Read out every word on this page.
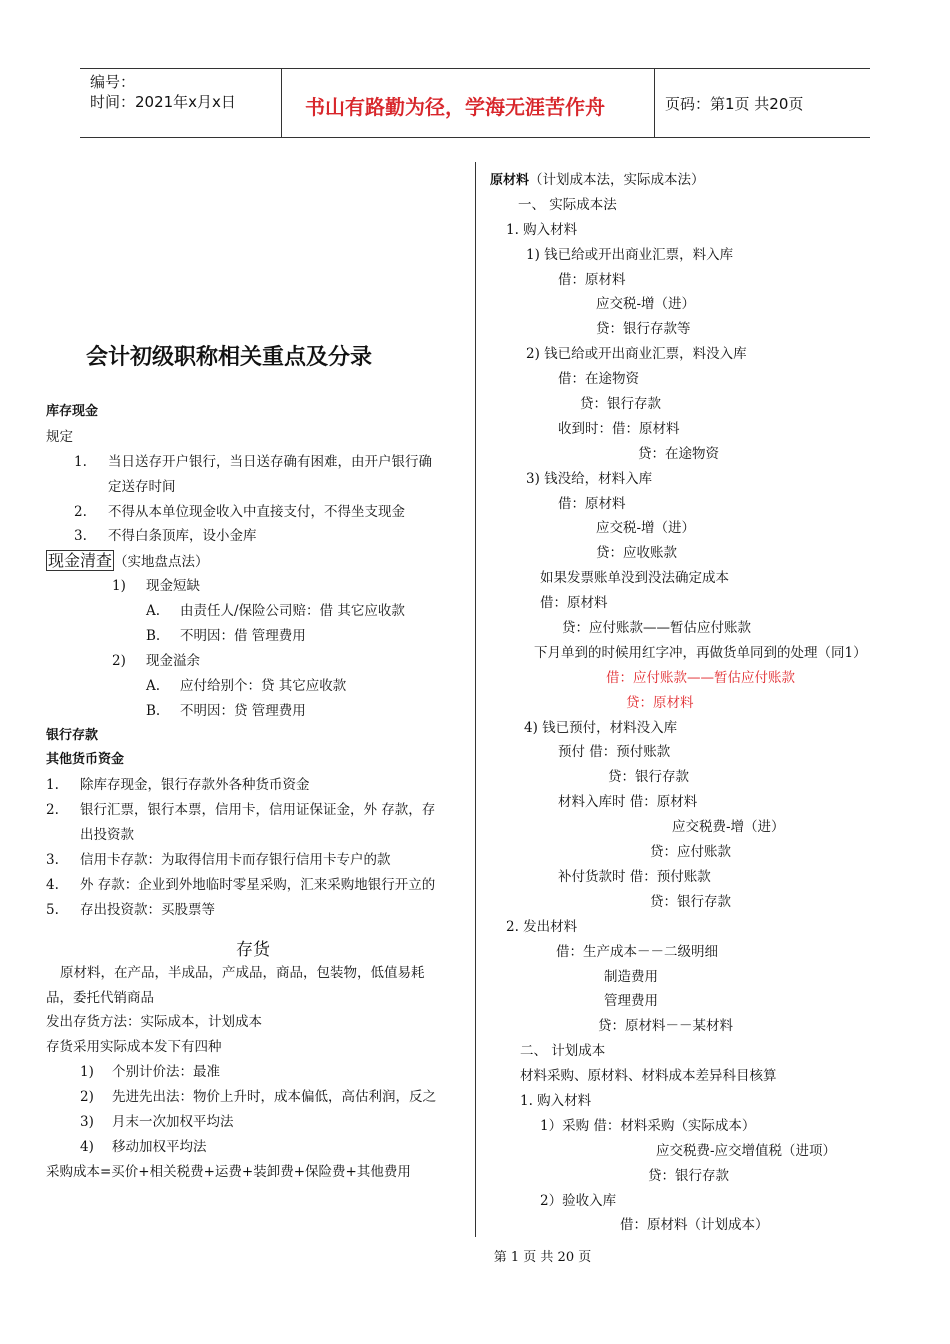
编号：
时间：2021年x月x日	书山有路勤为径，学海无涯苦作舟	页码：第1页 共20页
会计初级职称相关重点及分录
库存现金
规定
1. 当日送存开户银行，当日送存确有困难，由开户银行确
定送存时间
2. 不得从本单位现金收入中直接支付，不得坐支现金
3. 不得白条顶库，设小金库
现金清查 （实地盘点法）
1) 现金短缺
A. 由责任人/保险公司赔：借 其它应收款
B. 不明因：借 管理费用
2) 现金溢余
A. 应付给别个：贷 其它应收款
B. 不明因：贷 管理费用
银行存款
其他货币资金
1. 除库存现金，银行存款外各种货币资金
2. 银行汇票，银行本票，信用卡，信用证保证金，外 存款，存
出投资款
3. 信用卡存款：为取得信用卡而存银行信用卡专户的款
4. 外 存款：企业到外地临时零星采购，汇来采购地银行开立的
5. 存出投资款：买股票等
存货
原材料，在产品，半成品，产成品，商品，包装物，低值易耗
品，委托代销商品
发出存货方法：实际成本，计划成本
存货采用实际成本发下有四种
1) 个别计价法：最准
2) 先进先出法：物价上升时，成本偏低，高估利润，反之
3) 月末一次加权平均法
4) 移动加权平均法
采购成本=买价+相关税费+运费+装卸费+保险费+其他费用
原材料（计划成本法，实际成本法）
一、 实际成本法
1. 购入材料
1) 钱已给或开出商业汇票，料入库
借：原材料
应交税-增（进）
贷：银行存款等
2) 钱已给或开出商业汇票，料没入库
借：在途物资
贷：银行存款
收到时：借：原材料
贷：在途物资
3) 钱没给，材料入库
借：原材料
应交税-增（进）
贷：应收账款
如果发票账单没到没法确定成本
借：原材料
贷：应付账款——暂估应付账款
下月单到的时候用红字冲，再做货单同到的处理（同1）
借：应付账款——暂估应付账款
贷：原材料
4) 钱已预付，材料没入库
预付 借：预付账款
贷：银行存款
材料入库时 借：原材料
应交税费-增（进）
贷：应付账款
补付货款时 借：预付账款
贷：银行存款
2. 发出材料
借：生产成本－－二级明细
制造费用
管理费用
贷：原材料－－某材料
二、 计划成本
材料采购、原材料、材料成本差异科目核算
1. 购入材料
1）采购 借：材料采购（实际成本）
应交税费-应交增值税（进项）
贷：银行存款
2）验收入库
借：原材料（计划成本）
第 1 页 共 20 页
